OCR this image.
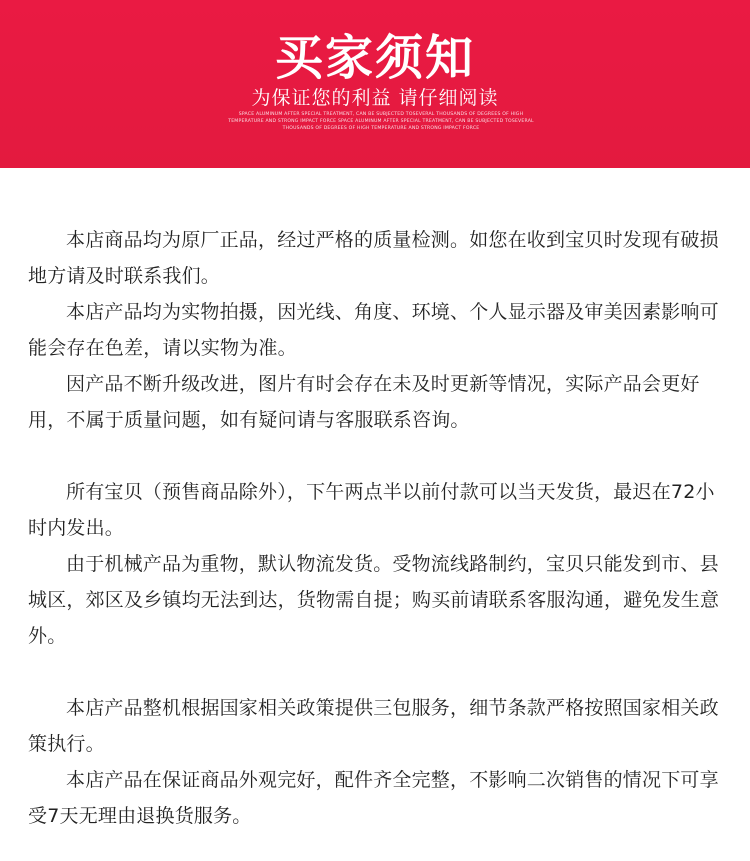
买家须知
为保证您的利益 请仔细阅读
SPACE ALUMINUM AFTER SPECIAL TREATMENT, CAN BE SUBJECTED TOSEVERAL THOUSANDS OF DEGREES OF HIGH TEMPERATURE AND STRONG IMPACT FORCE SPACE ALUMINUM AFTER SPECIAL TREATMENT, CAN BE SUBJECTED TOSEVERAL THOUSANDS OF DEGREES OF HIGH TEMPERATURE AND STRONG IMPACT FORCE

本店商品均为原厂正品，经过严格的质量检测。如您在收到宝贝时发现有破损地方请及时联系我们。

本店产品均为实物拍摄，因光线、角度、环境、个人显示器及审美因素影响可能会存在色差，请以实物为准。

因产品不断升级改进，图片有时会存在未及时更新等情况，实际产品会更好用，不属于质量问题，如有疑问请与客服联系咨询。

所有宝贝（预售商品除外），下午两点半以前付款可以当天发货，最迟在72小时内发出。

由于机械产品为重物，默认物流发货。受物流线路制约，宝贝只能发到市、县城区，郊区及乡镇均无法到达，货物需自提；购买前请联系客服沟通，避免发生意外。

本店产品整机根据国家相关政策提供三包服务，细节条款严格按照国家相关政策执行。

本店产品在保证商品外观完好，配件齐全完整，不影响二次销售的情况下可享受7天无理由退换货服务。
